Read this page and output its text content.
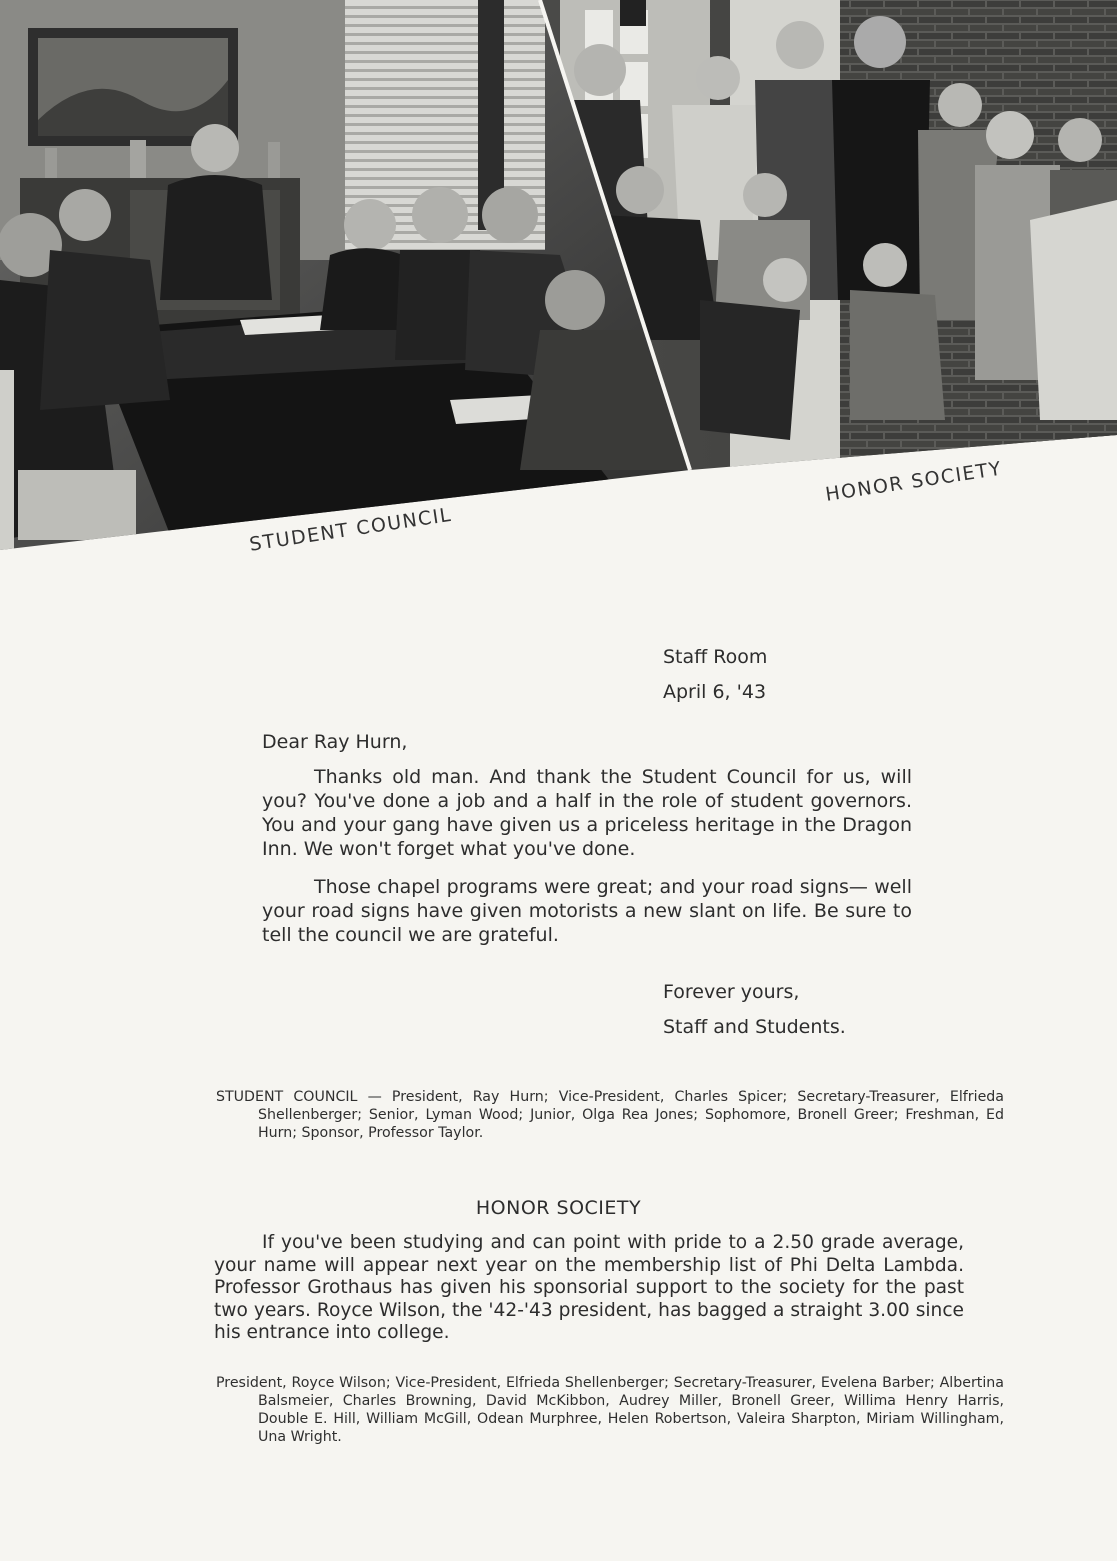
STUDENT COUNCIL
HONOR SOCIETY
Staff Room
April 6, '43
Dear Ray Hurn,

Thanks old man. And thank the Student Council for us, will you? You've done a job and a half in the role of student governors. You and your gang have given us a priceless heritage in the Dragon Inn. We won't forget what you've done.

Those chapel programs were great; and your road signs— well your road signs have given motorists a new slant on life. Be sure to tell the council we are grateful.

Forever yours,
Staff and Students.
STUDENT COUNCIL — President, Ray Hurn; Vice-President, Charles Spicer; Secretary-Treasurer, Elfrieda Shellenberger; Senior, Lyman Wood; Junior, Olga Rea Jones; Sophomore, Bronell Greer; Freshman, Ed Hurn; Sponsor, Professor Taylor.
HONOR SOCIETY

If you've been studying and can point with pride to a 2.50 grade average, your name will appear next year on the membership list of Phi Delta Lambda. Professor Grothaus has given his sponsorial support to the society for the past two years. Royce Wilson, the '42-'43 president, has bagged a straight 3.00 since his entrance into college.

President, Royce Wilson; Vice-President, Elfrieda Shellenberger; Secretary-Treasurer, Evelena Barber; Albertina Balsmeier, Charles Browning, David McKibbon, Audrey Miller, Bronell Greer, Willima Henry Harris, Double E. Hill, William McGill, Odean Murphree, Helen Robertson, Valeira Sharpton, Miriam Willingham, Una Wright.
